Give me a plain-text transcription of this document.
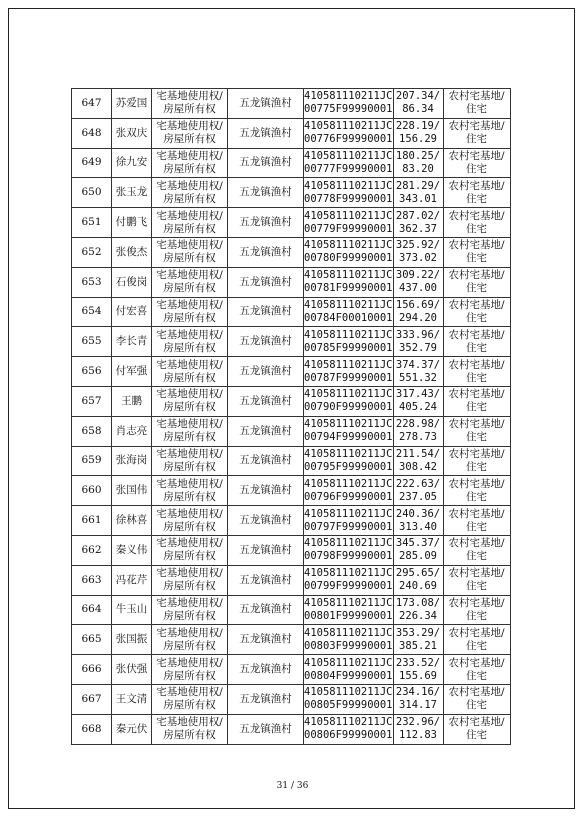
647	苏爱国	宅基地使用权/
房屋所有权	五龙镇渔村	410581110211JC
00775F99990001	207.34/
86.34	农村宅基地/
住宅

648	张双庆	宅基地使用权/
房屋所有权	五龙镇渔村	410581110211JC
00776F99990001	228.19/
156.29	农村宅基地/
住宅

649	徐九安	宅基地使用权/
房屋所有权	五龙镇渔村	410581110211JC
00777F99990001	180.25/
83.20	农村宅基地/
住宅

650	张玉龙	宅基地使用权/
房屋所有权	五龙镇渔村	410581110211JC
00778F99990001	281.29/
343.01	农村宅基地/
住宅

651	付鹏飞	宅基地使用权/
房屋所有权	五龙镇渔村	410581110211JC
00779F99990001	287.02/
362.37	农村宅基地/
住宅

652	张俊杰	宅基地使用权/
房屋所有权	五龙镇渔村	410581110211JC
00780F99990001	325.92/
373.02	农村宅基地/
住宅

653	石俊岗	宅基地使用权/
房屋所有权	五龙镇渔村	410581110211JC
00781F99990001	309.22/
437.00	农村宅基地/
住宅

654	付宏喜	宅基地使用权/
房屋所有权	五龙镇渔村	410581110211JC
00784F00010001	156.69/
294.20	农村宅基地/
住宅

655	李长青	宅基地使用权/
房屋所有权	五龙镇渔村	410581110211JC
00785F99990001	333.96/
352.79	农村宅基地/
住宅

656	付军强	宅基地使用权/
房屋所有权	五龙镇渔村	410581110211JC
00787F99990001	374.37/
551.32	农村宅基地/
住宅

657	王鹏	宅基地使用权/
房屋所有权	五龙镇渔村	410581110211JC
00790F99990001	317.43/
405.24	农村宅基地/
住宅

658	肖志亮	宅基地使用权/
房屋所有权	五龙镇渔村	410581110211JC
00794F99990001	228.98/
278.73	农村宅基地/
住宅

659	张海岗	宅基地使用权/
房屋所有权	五龙镇渔村	410581110211JC
00795F99990001	211.54/
308.42	农村宅基地/
住宅

660	张国伟	宅基地使用权/
房屋所有权	五龙镇渔村	410581110211JC
00796F99990001	222.63/
237.05	农村宅基地/
住宅

661	徐林喜	宅基地使用权/
房屋所有权	五龙镇渔村	410581110211JC
00797F99990001	240.36/
313.40	农村宅基地/
住宅

662	秦义伟	宅基地使用权/
房屋所有权	五龙镇渔村	410581110211JC
00798F99990001	345.37/
285.09	农村宅基地/
住宅

663	冯花芹	宅基地使用权/
房屋所有权	五龙镇渔村	410581110211JC
00799F99990001	295.65/
240.69	农村宅基地/
住宅

664	牛玉山	宅基地使用权/
房屋所有权	五龙镇渔村	410581110211JC
00801F99990001	173.08/
226.34	农村宅基地/
住宅

665	张国振	宅基地使用权/
房屋所有权	五龙镇渔村	410581110211JC
00803F99990001	353.29/
385.21	农村宅基地/
住宅

666	张伏强	宅基地使用权/
房屋所有权	五龙镇渔村	410581110211JC
00804F99990001	233.52/
155.69	农村宅基地/
住宅

667	王文清	宅基地使用权/
房屋所有权	五龙镇渔村	410581110211JC
00805F99990001	234.16/
314.17	农村宅基地/
住宅

668	秦元伏	宅基地使用权/
房屋所有权	五龙镇渔村	410581110211JC
00806F99990001	232.96/
112.83	农村宅基地/
住宅
31 / 36
